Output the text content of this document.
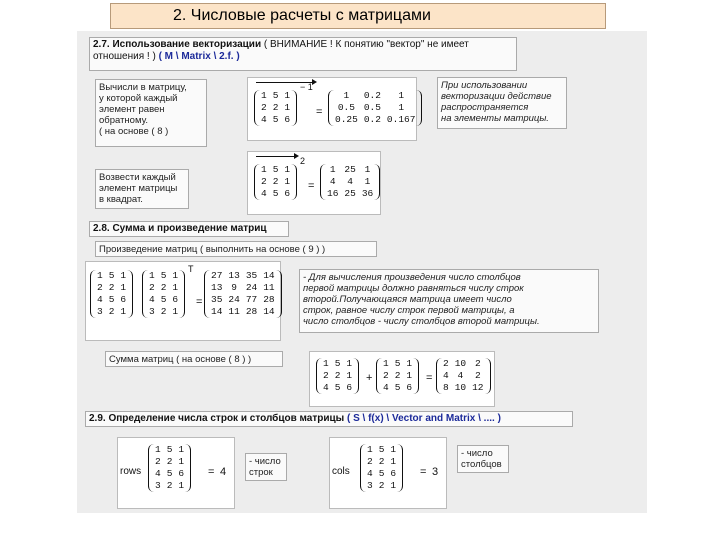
2. Числовые расчеты с матрицами
2.7. Использование векторизации ( ВНИМАНИЕ ! К понятию "вектор" не имеет
отношения ! ) ( M \ Matrix \ 2.f. )
Вычисли в матрицу,
у которой каждый
элемент равен
обратному.
( на основе ( 8 )
1	5	1
2	2	1
4	5	6
− 1
=
1	0.2	1
0.5	0.5	1
0.25	0.2	0.167
При использовании
векторизации действие
распространяется
на элементы матрицы.
Возвести каждый
элемент матрицы
в квадрат.
1	5	1
2	2	1
4	5	6
2
=
1	25	1
4	4	1
16	25	36
2.8. Сумма и произведение матриц
Произведение матриц ( выполнить на основе ( 9 ) )
1	5	1
2	2	1
4	5	6
3	2	1
1	5	1
2	2	1
4	5	6
3	2	1
T
=
27	13	35	14
13	9	24	11
35	24	77	28
14	11	28	14
- Для вычисления произведения число столбцов
первой матрицы должно равняться числу строк
второй.Получающаяся матрица имеет число
строк, равное числу строк первой матрицы, а
число столбцов - числу столбцов второй матрицы.
Сумма матриц ( на основе ( 8 ) )	1	5	1
2	2	1
4	5	6
+
1	5	1
2	2	1
4	5	6
=
2	10	2
4	4	2
8	10	12
2.9. Определение числа строк и столбцов матрицы ( S \ f(x) \ Vector and Matrix \ .... )
rows
1	5	1
2	2	1
4	5	6
3	2	1
= 4
- число
строк	cols
1	5	1
2	2	1
4	5	6
3	2	1
= 3
- число
столбцов
